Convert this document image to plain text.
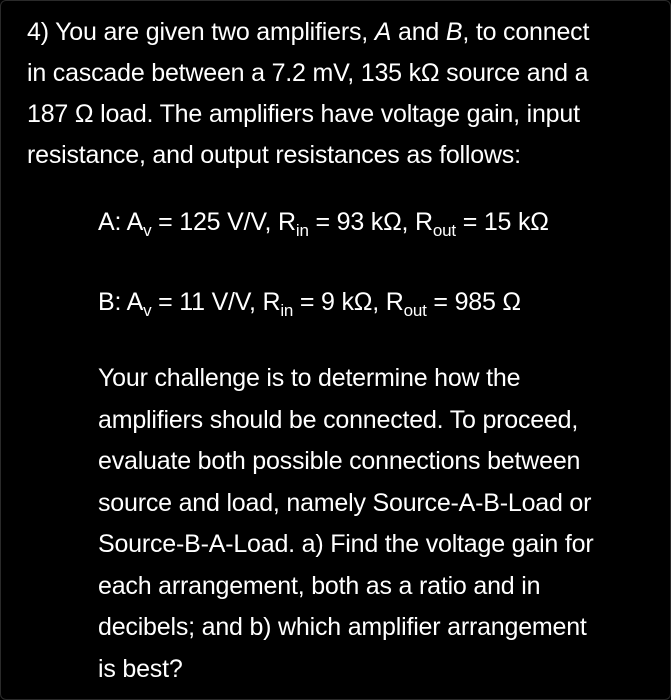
4) You are given two amplifiers, A and B, to connect

in cascade between a 7.2 mV, 135 kΩ source and a

187 Ω load. The amplifiers have voltage gain, input

resistance, and output resistances as follows:

A: $A_v = 125$ V/V, $R_{in} = 93$ kΩ, $R_{out} = 15$ kΩ
B: $A_v = 11$ V/V, $R_{in} = 9$ kΩ, $R_{out} = 985$ Ω

Your challenge is to determine how the

amplifiers should be connected. To proceed,

evaluate both possible connections between

source and load, namely Source-A-B-Load or

Source-B-A-Load. a) Find the voltage gain for

each arrangement, both as a ratio and in

decibels; and b) which amplifier arrangement

is best?
